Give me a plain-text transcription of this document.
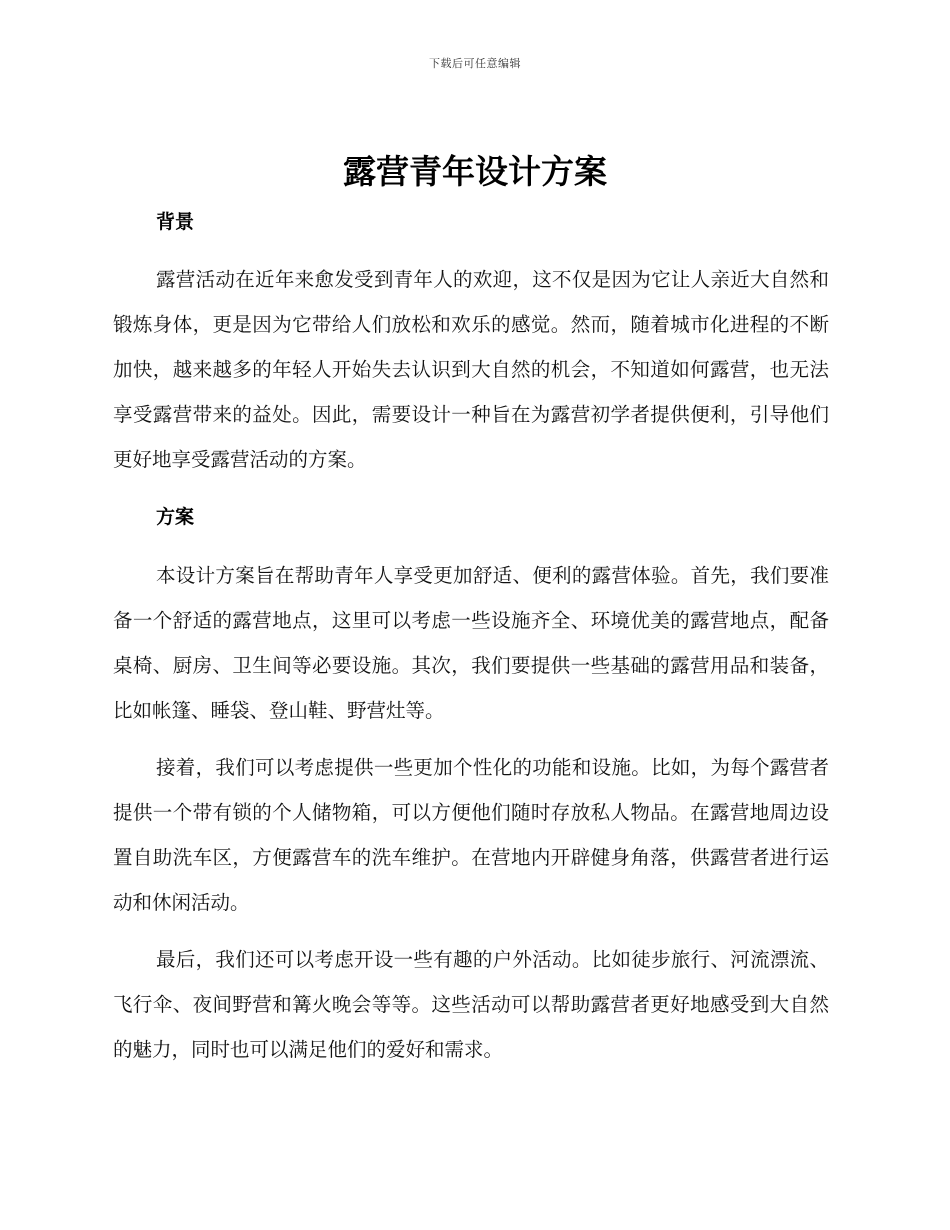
下载后可任意编辑
露营青年设计方案
背景

露营活动在近年来愈发受到青年人的欢迎，这不仅是因为它让人亲近大自然和锻炼身体，更是因为它带给人们放松和欢乐的感觉。然而，随着城市化进程的不断加快，越来越多的年轻人开始失去认识到大自然的机会，不知道如何露营，也无法享受露营带来的益处。因此，需要设计一种旨在为露营初学者提供便利，引导他们更好地享受露营活动的方案。

方案

本设计方案旨在帮助青年人享受更加舒适、便利的露营体验。首先，我们要准备一个舒适的露营地点，这里可以考虑一些设施齐全、环境优美的露营地点，配备桌椅、厨房、卫生间等必要设施。其次，我们要提供一些基础的露营用品和装备，比如帐篷、睡袋、登山鞋、野营灶等。

接着，我们可以考虑提供一些更加个性化的功能和设施。比如，为每个露营者提供一个带有锁的个人储物箱，可以方便他们随时存放私人物品。在露营地周边设置自助洗车区，方便露营车的洗车维护。在营地内开辟健身角落，供露营者进行运动和休闲活动。

最后，我们还可以考虑开设一些有趣的户外活动。比如徒步旅行、河流漂流、飞行伞、夜间野营和篝火晚会等等。这些活动可以帮助露营者更好地感受到大自然的魅力，同时也可以满足他们的爱好和需求。
